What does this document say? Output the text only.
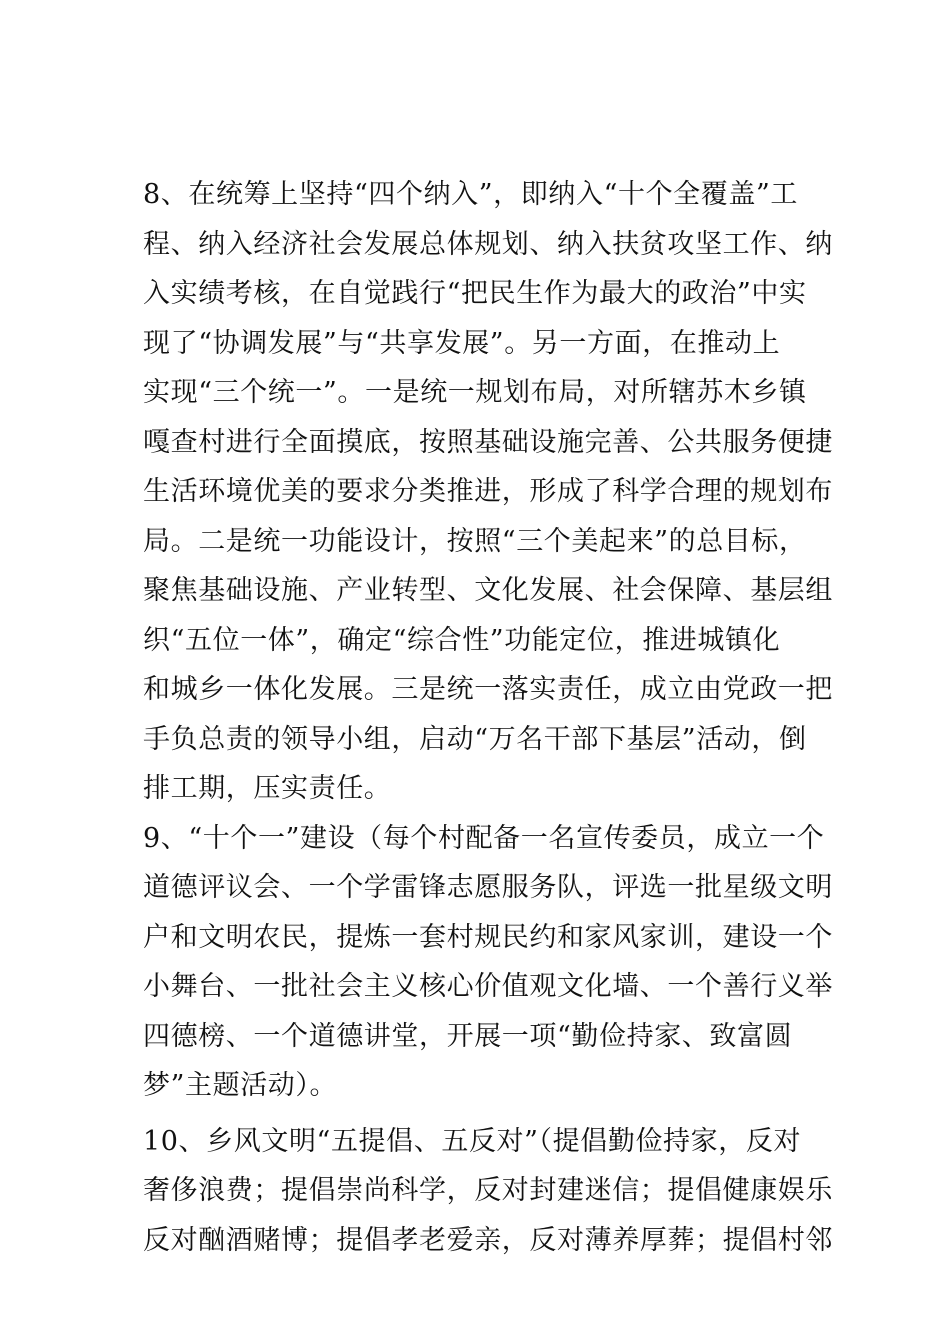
8、在统筹上坚持“四个纳入”，即纳入“十个全覆盖”工
程、纳入经济社会发展总体规划、纳入扶贫攻坚工作、纳
入实绩考核，在自觉践行“把民生作为最大的政治”中实
现了“协调发展”与“共享发展”。另一方面，在推动上
实现“三个统一”。一是统一规划布局，对所辖苏木乡镇
嘎查村进行全面摸底，按照基础设施完善、公共服务便捷
生活环境优美的要求分类推进，形成了科学合理的规划布
局。二是统一功能设计，按照“三个美起来”的总目标，
聚焦基础设施、产业转型、文化发展、社会保障、基层组
织“五位一体”，确定“综合性”功能定位，推进城镇化
和城乡一体化发展。三是统一落实责任，成立由党政一把
手负总责的领导小组，启动“万名干部下基层”活动，倒
排工期，压实责任。
9、“十个一”建设（每个村配备一名宣传委员，成立一个
道德评议会、一个学雷锋志愿服务队，评选一批星级文明
户和文明农民，提炼一套村规民约和家风家训，建设一个
小舞台、一批社会主义核心价值观文化墙、一个善行义举
四德榜、一个道德讲堂，开展一项“勤俭持家、致富圆
梦”主题活动）。
10、乡风文明“五提倡、五反对”（提倡勤俭持家，反对
奢侈浪费；提倡崇尚科学，反对封建迷信；提倡健康娱乐
反对酗酒赌博；提倡孝老爱亲，反对薄养厚葬；提倡村邻
